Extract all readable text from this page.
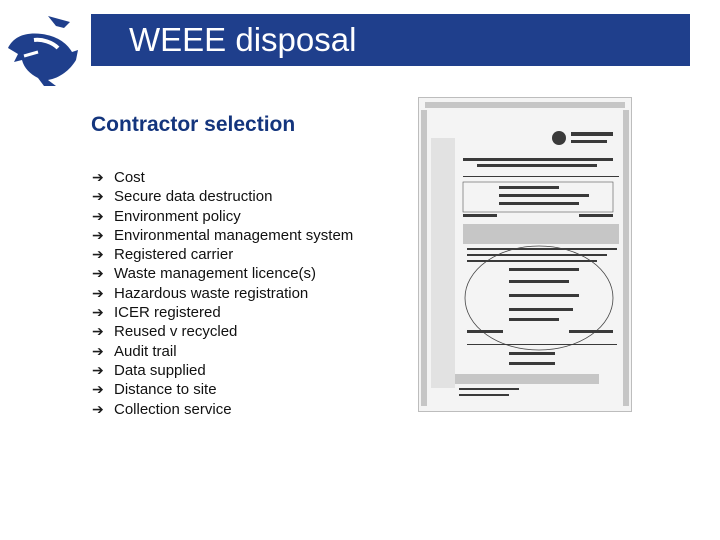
WEEE disposal
Contractor selection
➔ Cost
➔ Secure data destruction
➔ Environment policy
➔ Environmental management system
➔ Registered carrier
➔ Waste management licence(s)
➔ Hazardous waste registration
➔ ICER registered
➔ Reused v recycled
➔ Audit trail
➔ Data supplied
➔ Distance to site
➔ Collection service
